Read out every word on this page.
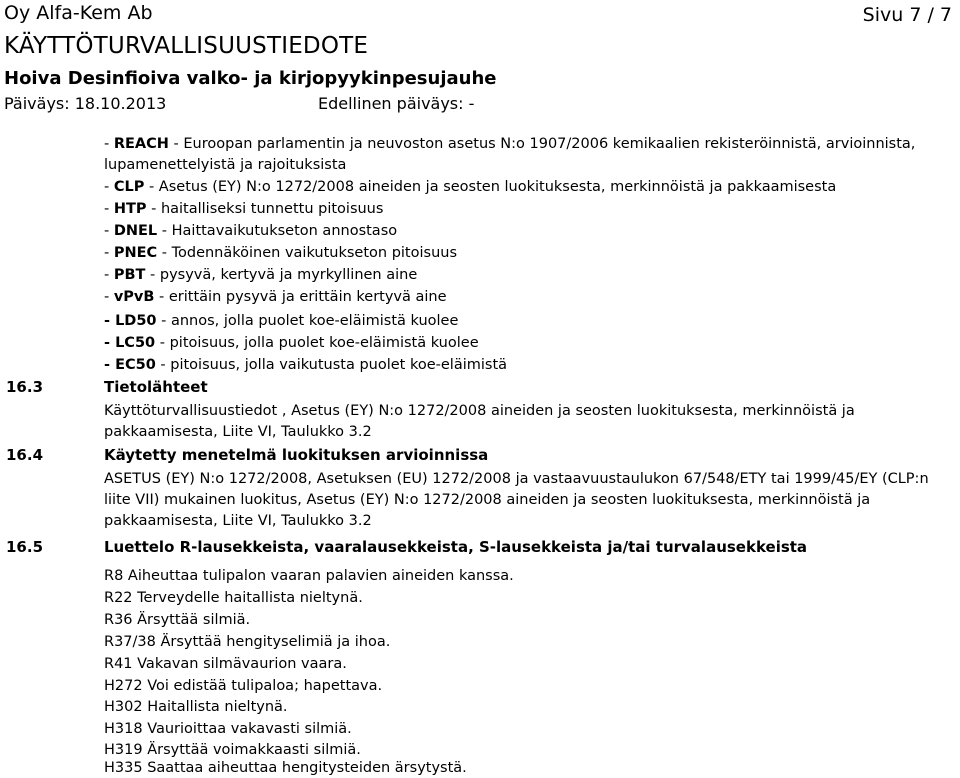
Oy Alfa-Kem Ab	Sivu 7 / 7
KÄYTTÖTURVALLISUUSTIEDOTE
Hoiva Desinfioiva valko- ja kirjopyykinpesujauhe
Päiväys: 18.10.2013	Edellinen päiväys: -
- REACH - Euroopan parlamentin ja neuvoston asetus N:o 1907/2006 kemikaalien rekisteröinnistä, arvioinnista,
lupamenettelyistä ja rajoituksista
- CLP - Asetus (EY) N:o 1272/2008 aineiden ja seosten luokituksesta, merkinnöistä ja pakkaamisesta
- HTP - haitalliseksi tunnettu pitoisuus
- DNEL - Haittavaikutukseton annostaso
- PNEC - Todennäköinen vaikutukseton pitoisuus
- PBT - pysyvä, kertyvä ja myrkyllinen aine
- vPvB - erittäin pysyvä ja erittäin kertyvä aine
- LD50 - annos, jolla puolet koe-eläimistä kuolee
- LC50 - pitoisuus, jolla puolet koe-eläimistä kuolee
- EC50 - pitoisuus, jolla vaikutusta puolet koe-eläimistä
16.3	Tietolähteet
Käyttöturvallisuustiedot , Asetus (EY) N:o 1272/2008 aineiden ja seosten luokituksesta, merkinnöistä ja pakkaamisesta, Liite VI, Taulukko 3.2
16.4	Käytetty menetelmä luokituksen arvioinnissa
ASETUS (EY) N:o 1272/2008, Asetuksen (EU) 1272/2008 ja vastaavuustaulukon 67/548/ETY tai 1999/45/EY (CLP:n liite VII) mukainen luokitus, Asetus (EY) N:o 1272/2008 aineiden ja seosten luokituksesta, merkinnöistä ja pakkaamisesta, Liite VI, Taulukko 3.2
16.5	Luettelo R-lausekkeista, vaaralausekkeista, S-lausekkeista ja/tai turvalausekkeista
R8 Aiheuttaa tulipalon vaaran palavien aineiden kanssa.
R22 Terveydelle haitallista nieltynä.
R36 Ärsyttää silmiä.
R37/38 Ärsyttää hengityselimiä ja ihoa.
R41 Vakavan silmävaurion vaara.
H272 Voi edistää tulipaloa; hapettava.
H302 Haitallista nieltynä.
H318 Vaurioittaa vakavasti silmiä.
H319 Ärsyttää voimakkaasti silmiä.
H335 Saattaa aiheuttaa hengitysteiden ärsytystä.
